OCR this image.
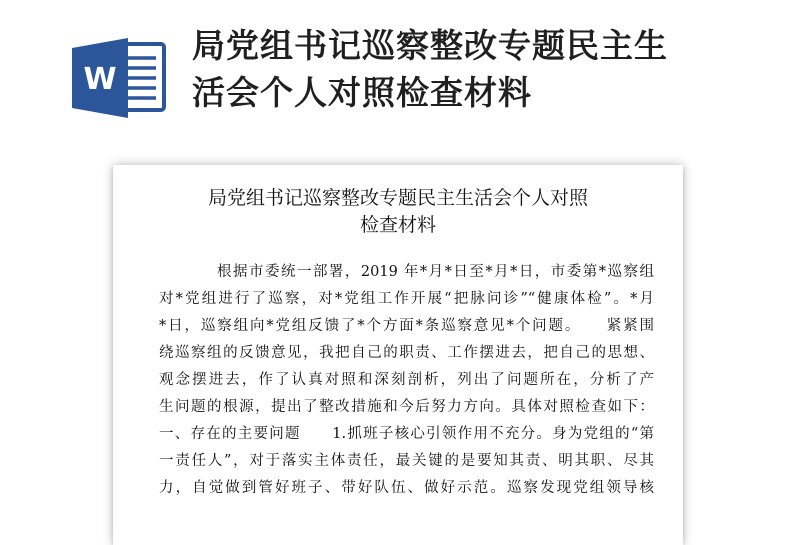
W
局党组书记巡察整改专题民主生
活会个人对照检查材料
局党组书记巡察整改专题民主生活会个人对照
检查材料

根据市委统一部署，2019 年*月*日至*月*日，市委第*巡察组

对*党组进行了巡察，对*党组工作开展“把脉问诊”“健康体检”。*月

*日，巡察组向*党组反馈了*个方面*条巡察意见*个问题。　　紧紧围

绕巡察组的反馈意见，我把自己的职责、工作摆进去，把自己的思想、

观念摆进去，作了认真对照和深刻剖析，列出了问题所在，分析了产

生问题的根源，提出了整改措施和今后努力方向。具体对照检查如下：

一、存在的主要问题　　1.抓班子核心引领作用不充分。身为党组的“第

一责任人”，对于落实主体责任，最关键的是要知其责、明其职、尽其

力，自觉做到管好班子、带好队伍、做好示范。巡察发现党组领导核
